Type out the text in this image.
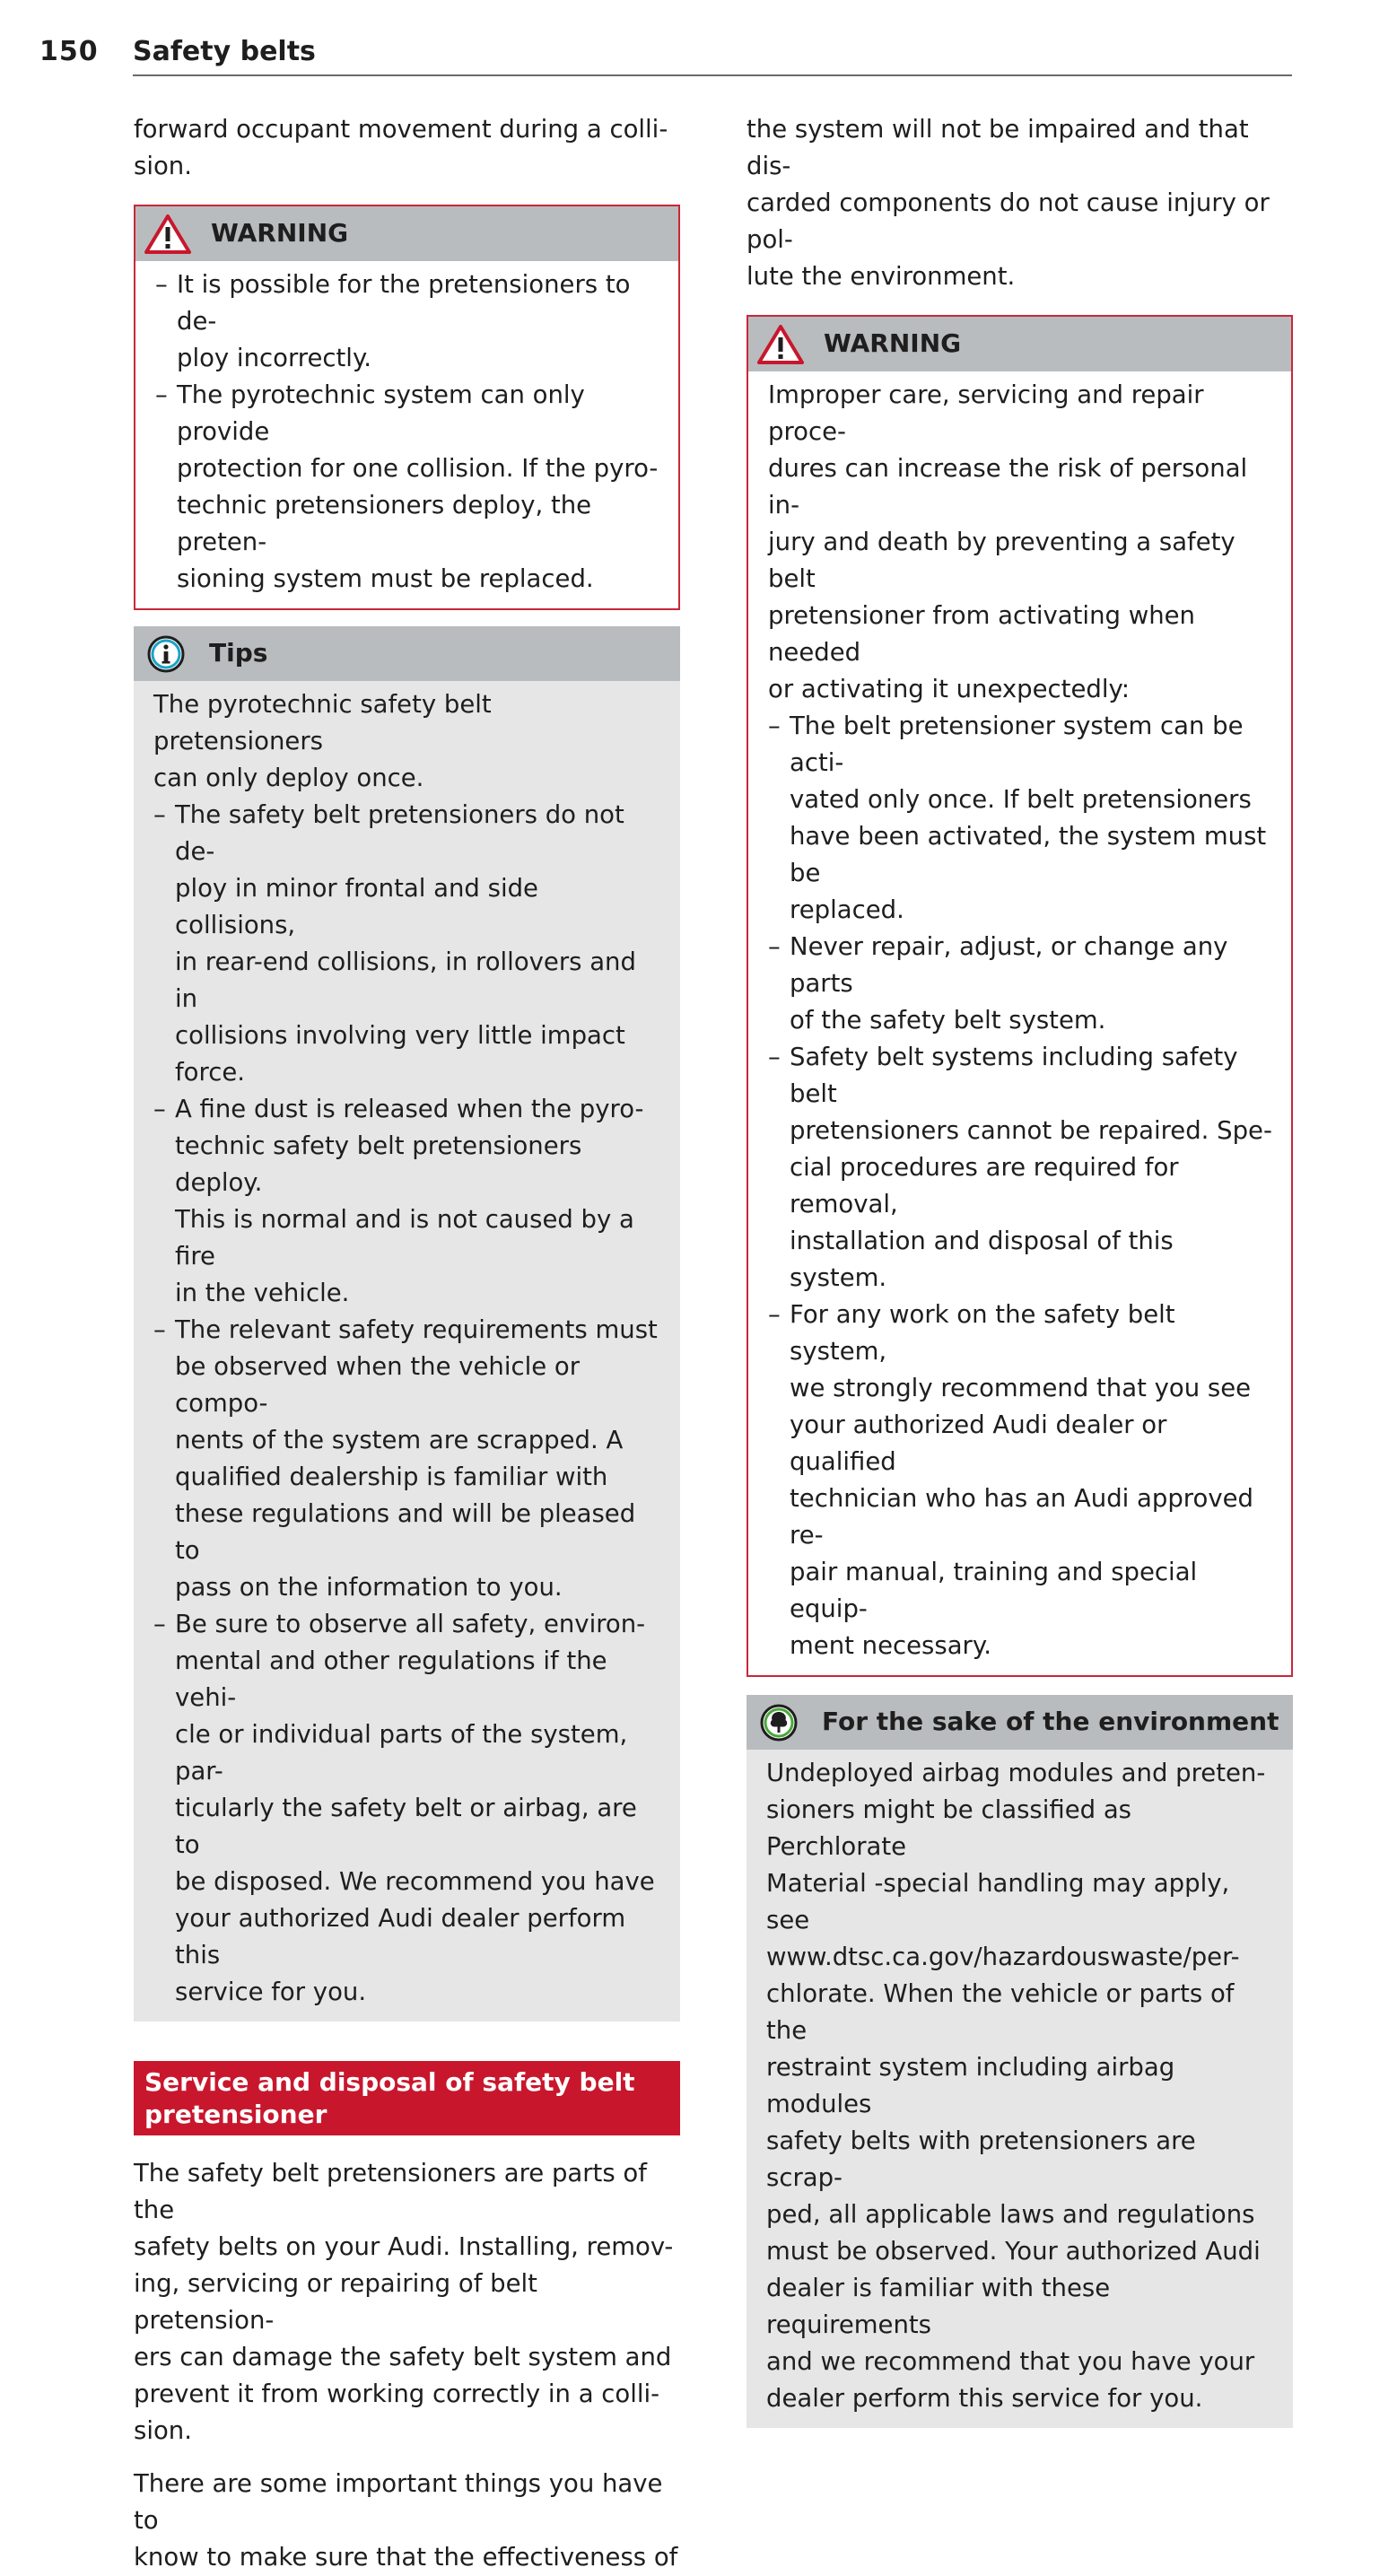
150 Safety belts

forward occupant movement during a colli-
sion.

WARNING
– It is possible for the pretensioners to de-
ploy incorrectly.
– The pyrotechnic system can only provide
protection for one collision. If the pyro-
technic pretensioners deploy, the preten-
sioning system must be replaced.
Tips

The pyrotechnic safety belt pretensioners
can only deploy once.

– The safety belt pretensioners do not de-
ploy in minor frontal and side collisions,
in rear-end collisions, in rollovers and in
collisions involving very little impact
force.
– A fine dust is released when the pyro-
technic safety belt pretensioners deploy.
This is normal and is not caused by a fire
in the vehicle.
– The relevant safety requirements must
be observed when the vehicle or compo-
nents of the system are scrapped. A
qualified dealership is familiar with
these regulations and will be pleased to
pass on the information to you.
– Be sure to observe all safety, environ-
mental and other regulations if the vehi-
cle or individual parts of the system, par-
ticularly the safety belt or airbag, are to
be disposed. We recommend you have
your authorized Audi dealer perform this
service for you.
Service and disposal of safety belt
pretensioner

The safety belt pretensioners are parts of the
safety belts on your Audi. Installing, remov-
ing, servicing or repairing of belt pretension-
ers can damage the safety belt system and
prevent it from working correctly in a colli-
sion.

There are some important things you have to
know to make sure that the effectiveness of

the system will not be impaired and that dis-
carded components do not cause injury or pol-
lute the environment.

WARNING

Improper care, servicing and repair proce-
dures can increase the risk of personal in-
jury and death by preventing a safety belt
pretensioner from activating when needed
or activating it unexpectedly:

– The belt pretensioner system can be acti-
vated only once. If belt pretensioners
have been activated, the system must be
replaced.
– Never repair, adjust, or change any parts
of the safety belt system.
– Safety belt systems including safety belt
pretensioners cannot be repaired. Spe-
cial procedures are required for removal,
installation and disposal of this system.
– For any work on the safety belt system,
we strongly recommend that you see
your authorized Audi dealer or qualified
technician who has an Audi approved re-
pair manual, training and special equip-
ment necessary.
For the sake of the environment

Undeployed airbag modules and preten-
sioners might be classified as Perchlorate
Material -special handling may apply, see
www.dtsc.ca.gov/hazardouswaste/per-
chlorate. When the vehicle or parts of the
restraint system including airbag modules
safety belts with pretensioners are scrap-
ped, all applicable laws and regulations
must be observed. Your authorized Audi
dealer is familiar with these requirements
and we recommend that you have your
dealer perform this service for you.
